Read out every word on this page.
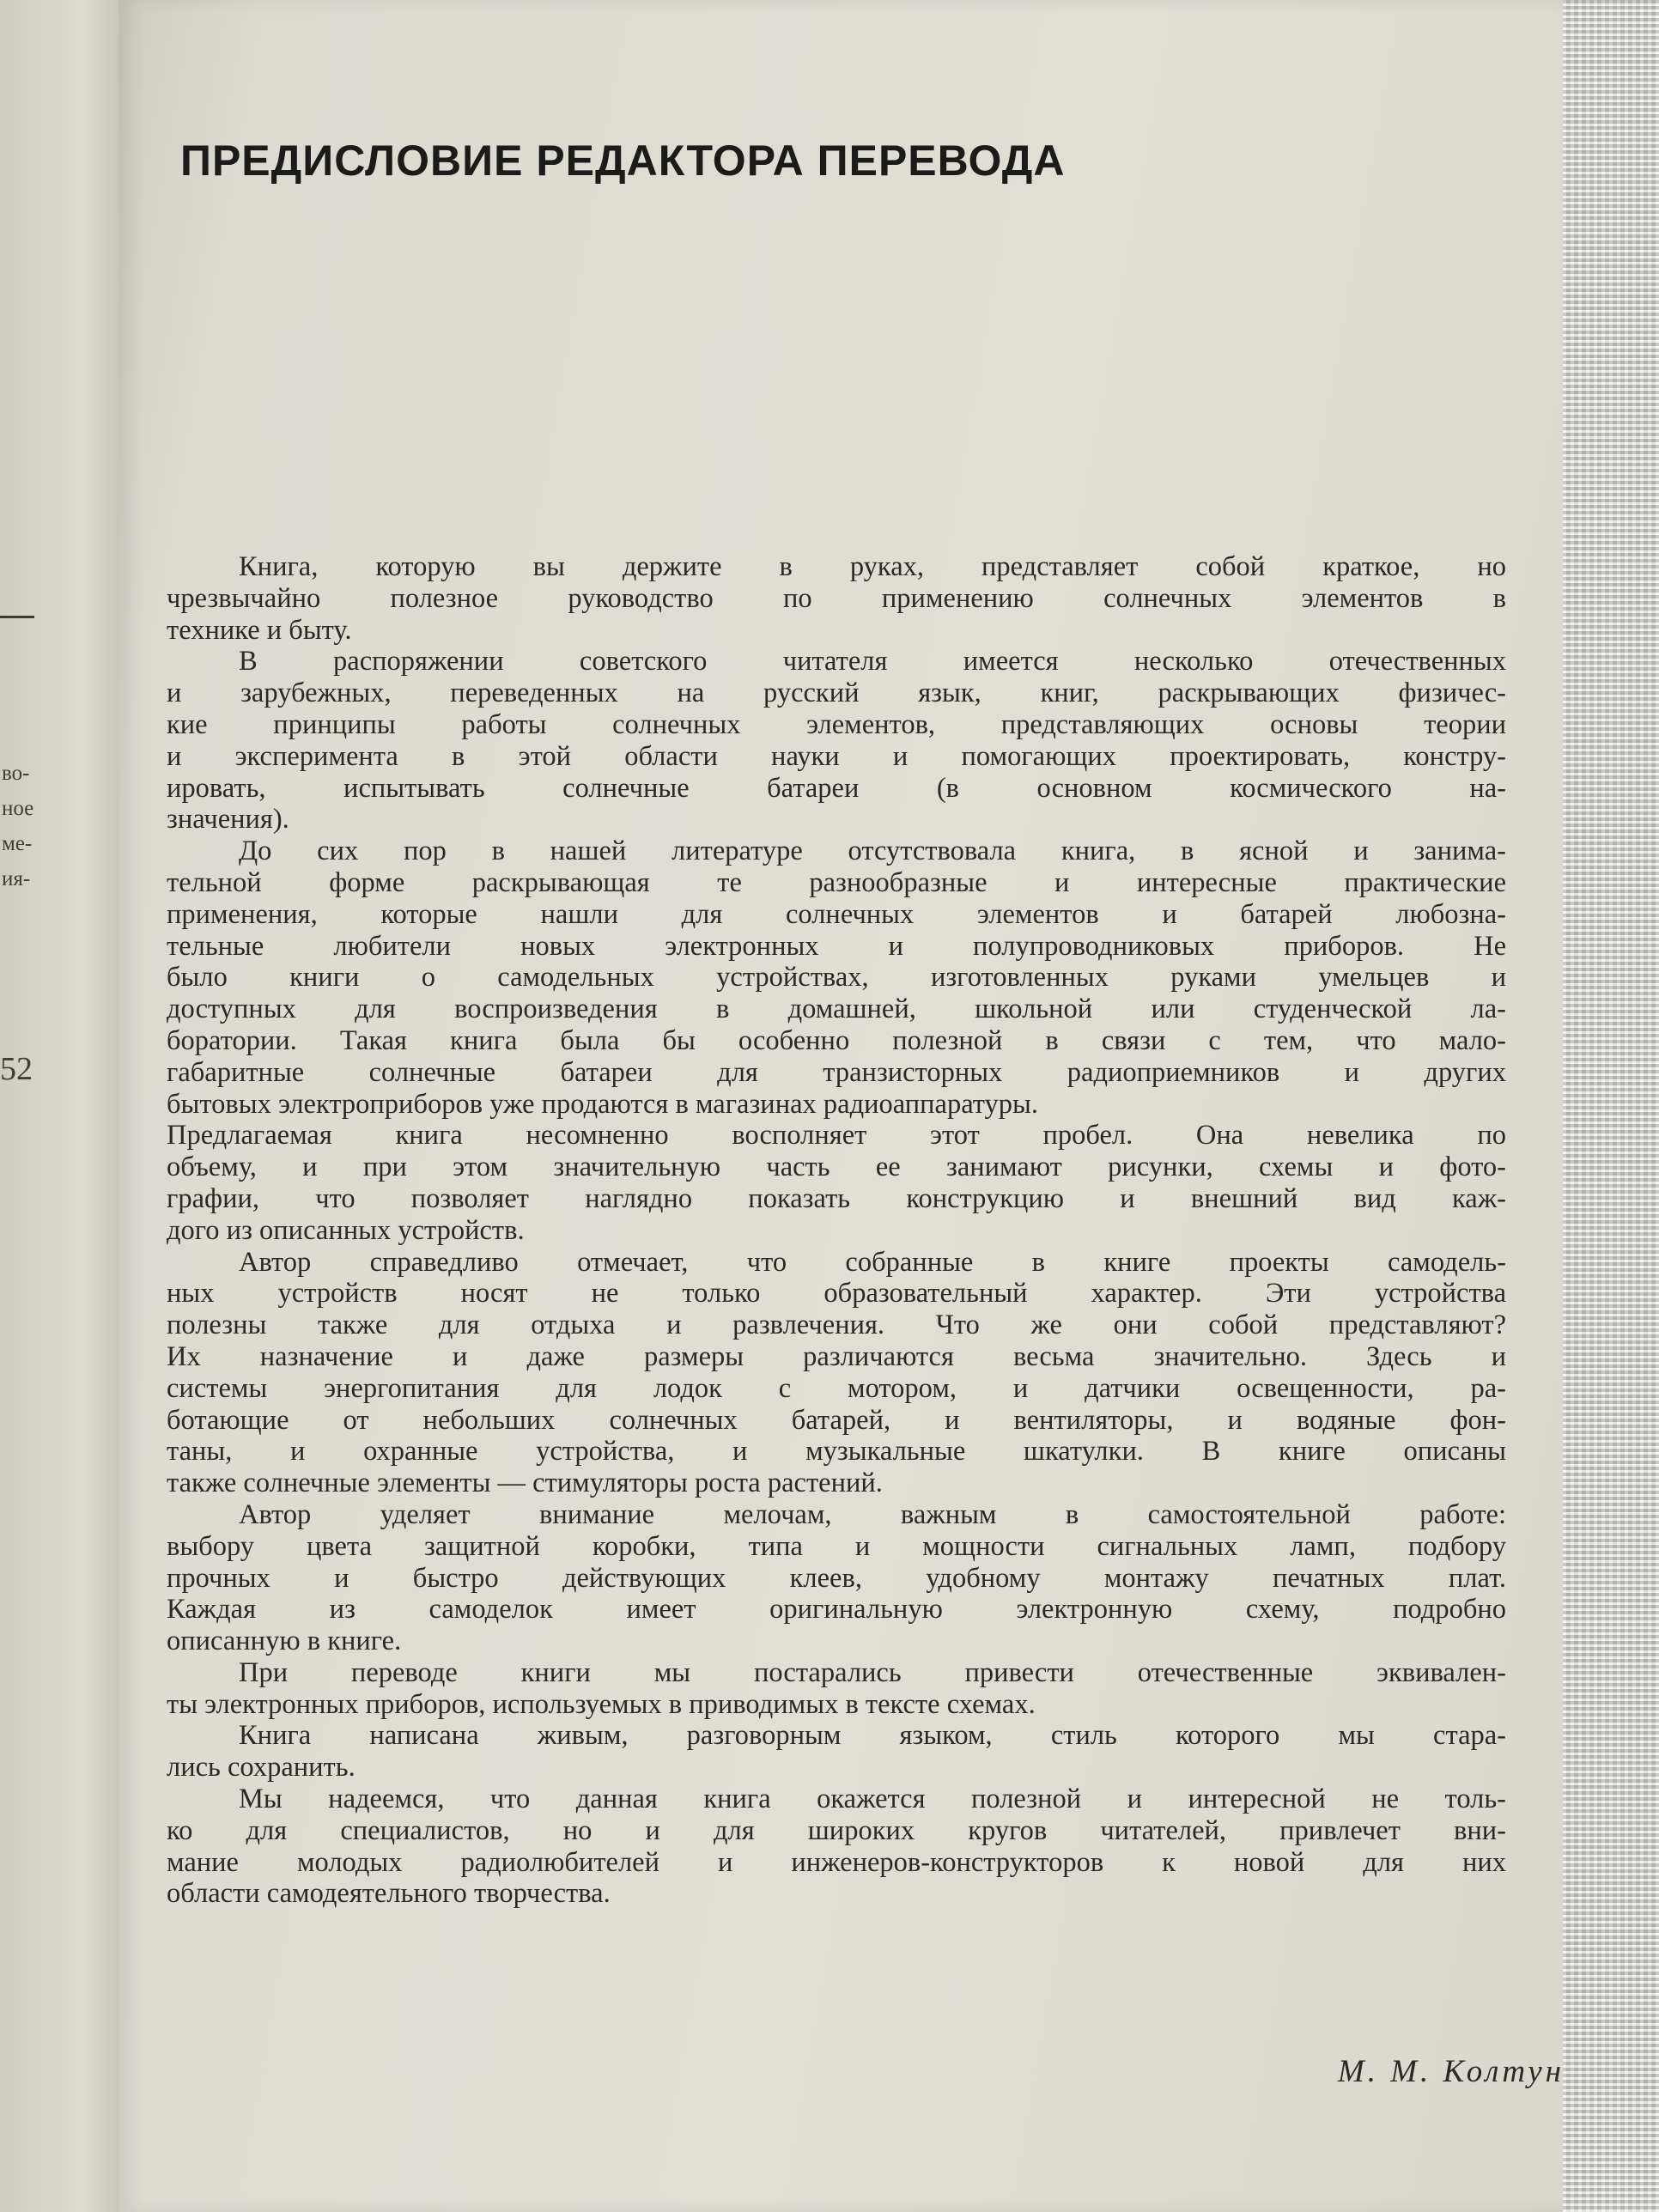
во-
ное
ме-
ия-
52
ПРЕДИСЛОВИЕ РЕДАКТОРА ПЕРЕВОДА
Книга, которую вы держите в руках, представляет собой краткое, но
чрезвычайно полезное руководство по применению солнечных элементов в
технике и быту.
В распоряжении советского читателя имеется несколько отечественных
и зарубежных, переведенных на русский язык, книг, раскрывающих физичес-
кие принципы работы солнечных элементов, представляющих основы теории
и эксперимента в этой области науки и помогающих проектировать, констру-
ировать, испытывать солнечные батареи (в основном космического на-
значения).
До сих пор в нашей литературе отсутствовала книга, в ясной и занима-
тельной форме раскрывающая те разнообразные и интересные практические
применения, которые нашли для солнечных элементов и батарей любозна-
тельные любители новых электронных и полупроводниковых приборов. Не
было книги о самодельных устройствах, изготовленных руками умельцев и
доступных для воспроизведения в домашней, школьной или студенческой ла-
боратории. Такая книга была бы особенно полезной в связи с тем, что мало-
габаритные солнечные батареи для транзисторных радиоприемников и других
бытовых электроприборов уже продаются в магазинах радиоаппаратуры.
Предлагаемая книга несомненно восполняет этот пробел. Она невелика по
объему, и при этом значительную часть ее занимают рисунки, схемы и фото-
графии, что позволяет наглядно показать конструкцию и внешний вид каж-
дого из описанных устройств.
Автор справедливо отмечает, что собранные в книге проекты самодель-
ных устройств носят не только образовательный характер. Эти устройства
полезны также для отдыха и развлечения. Что же они собой представляют?
Их назначение и даже размеры различаются весьма значительно. Здесь и
системы энергопитания для лодок с мотором, и датчики освещенности, ра-
ботающие от небольших солнечных батарей, и вентиляторы, и водяные фон-
таны, и охранные устройства, и музыкальные шкатулки. В книге описаны
также солнечные элементы — стимуляторы роста растений.
Автор уделяет внимание мелочам, важным в самостоятельной работе:
выбору цвета защитной коробки, типа и мощности сигнальных ламп, подбору
прочных и быстро действующих клеев, удобному монтажу печатных плат.
Каждая из самоделок имеет оригинальную электронную схему, подробно
описанную в книге.
При переводе книги мы постарались привести отечественные эквивален-
ты электронных приборов, используемых в приводимых в тексте схемах.
Книга написана живым, разговорным языком, стиль которого мы стара-
лись сохранить.
Мы надеемся, что данная книга окажется полезной и интересной не толь-
ко для специалистов, но и для широких кругов читателей, привлечет вни-
мание молодых радиолюбителей и инженеров-конструкторов к новой для них
области самодеятельного творчества.
М. М. Колтун
